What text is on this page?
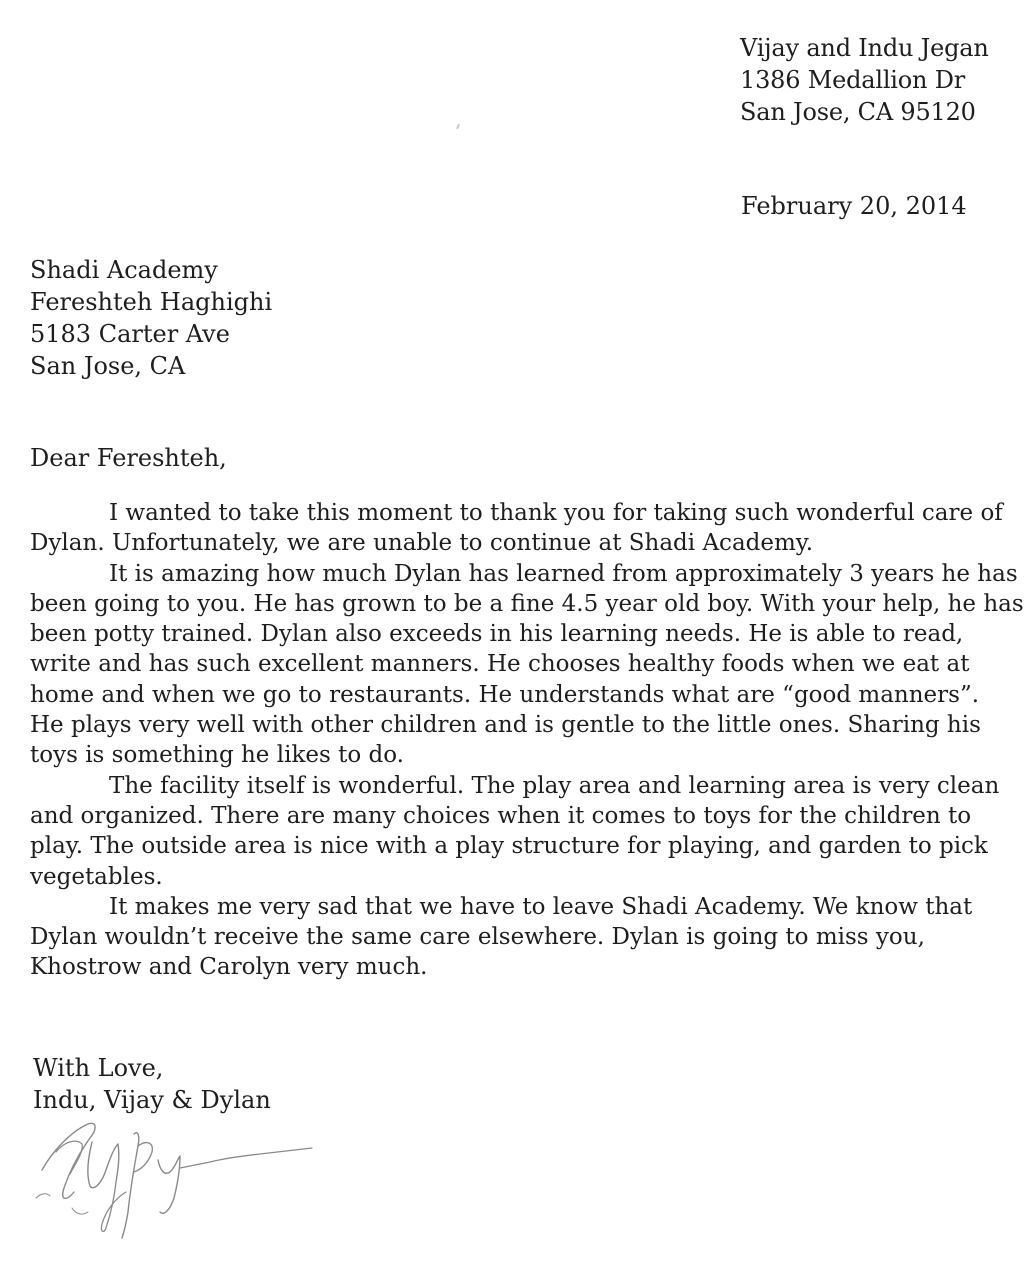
Vijay and Indu Jegan
1386 Medallion Dr
San Jose, CA 95120
February 20, 2014
Shadi Academy
Fereshteh Haghighi
5183 Carter Ave
San Jose, CA
Dear Fereshteh,
I wanted to take this moment to thank you for taking such wonderful care of
Dylan. Unfortunately, we are unable to continue at Shadi Academy.
It is amazing how much Dylan has learned from approximately 3 years he has
been going to you. He has grown to be a fine 4.5 year old boy. With your help, he has
been potty trained. Dylan also exceeds in his learning needs. He is able to read,
write and has such excellent manners. He chooses healthy foods when we eat at
home and when we go to restaurants. He understands what are “good manners”.
He plays very well with other children and is gentle to the little ones. Sharing his
toys is something he likes to do.
The facility itself is wonderful. The play area and learning area is very clean
and organized. There are many choices when it comes to toys for the children to
play. The outside area is nice with a play structure for playing, and garden to pick
vegetables.
It makes me very sad that we have to leave Shadi Academy. We know that
Dylan wouldn’t receive the same care elsewhere. Dylan is going to miss you,
Khostrow and Carolyn very much.
With Love,
Indu, Vijay & Dylan
